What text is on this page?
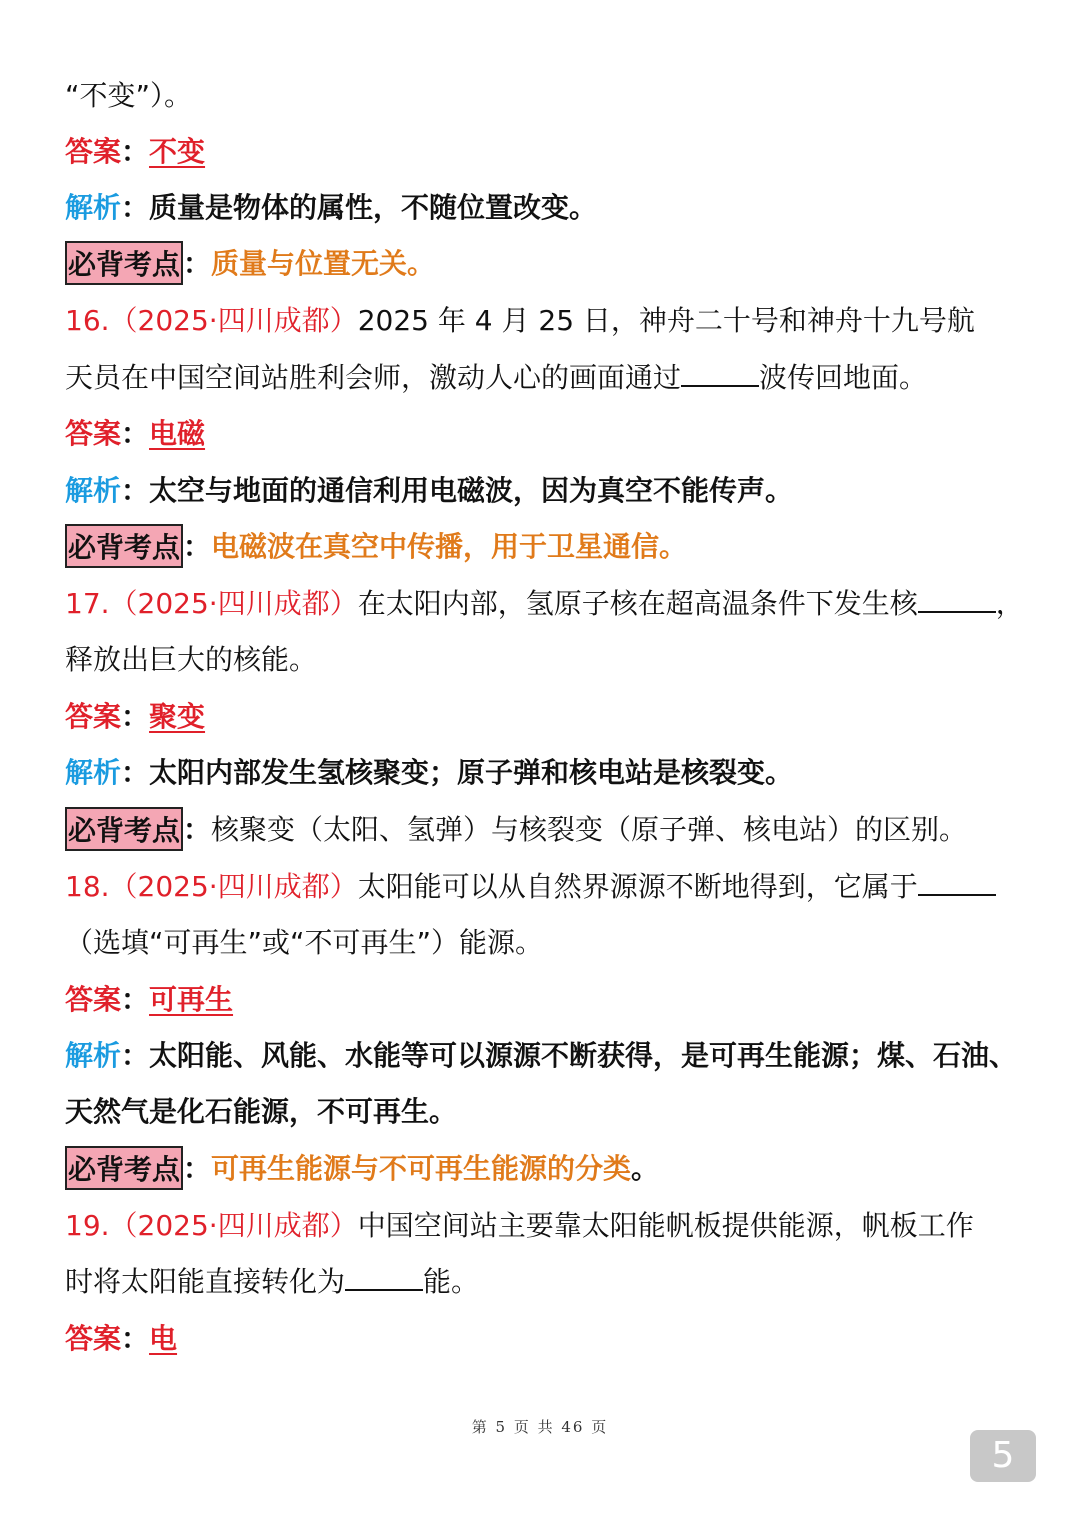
“不变”）。
答案：不变
解析：质量是物体的属性，不随位置改变。
必背考点 ：质量与位置无关。
16.（2025·四川成都）2025 年 4 月 25 日，神舟二十号和神舟十九号航
天员在中国空间站胜利会师，激动人心的画面通过	波传回地面。
答案：电磁
解析：太空与地面的通信利用电磁波，因为真空不能传声。
必背考点 ：电磁波在真空中传播，用于卫星通信。
17.（2025·四川成都）在太阳内部，氢原子核在超高温条件下发生核	，
释放出巨大的核能。
答案：聚变
解析：太阳内部发生氢核聚变；原子弹和核电站是核裂变。
必背考点 ：核聚变（太阳、氢弹）与核裂变（原子弹、核电站）的区别。
18.（2025·四川成都）太阳能可以从自然界源源不断地得到，它属于
（选填“可再生”或“不可再生”）能源。
答案：可再生
解析：太阳能、风能、水能等可以源源不断获得，是可再生能源；煤、石油、
天然气是化石能源，不可再生。
必背考点 ：可再生能源与不可再生能源的分类。
19.（2025·四川成都）中国空间站主要靠太阳能帆板提供能源，帆板工作
时将太阳能直接转化为	能。
答案：电
第 5 页 共 46 页
5
